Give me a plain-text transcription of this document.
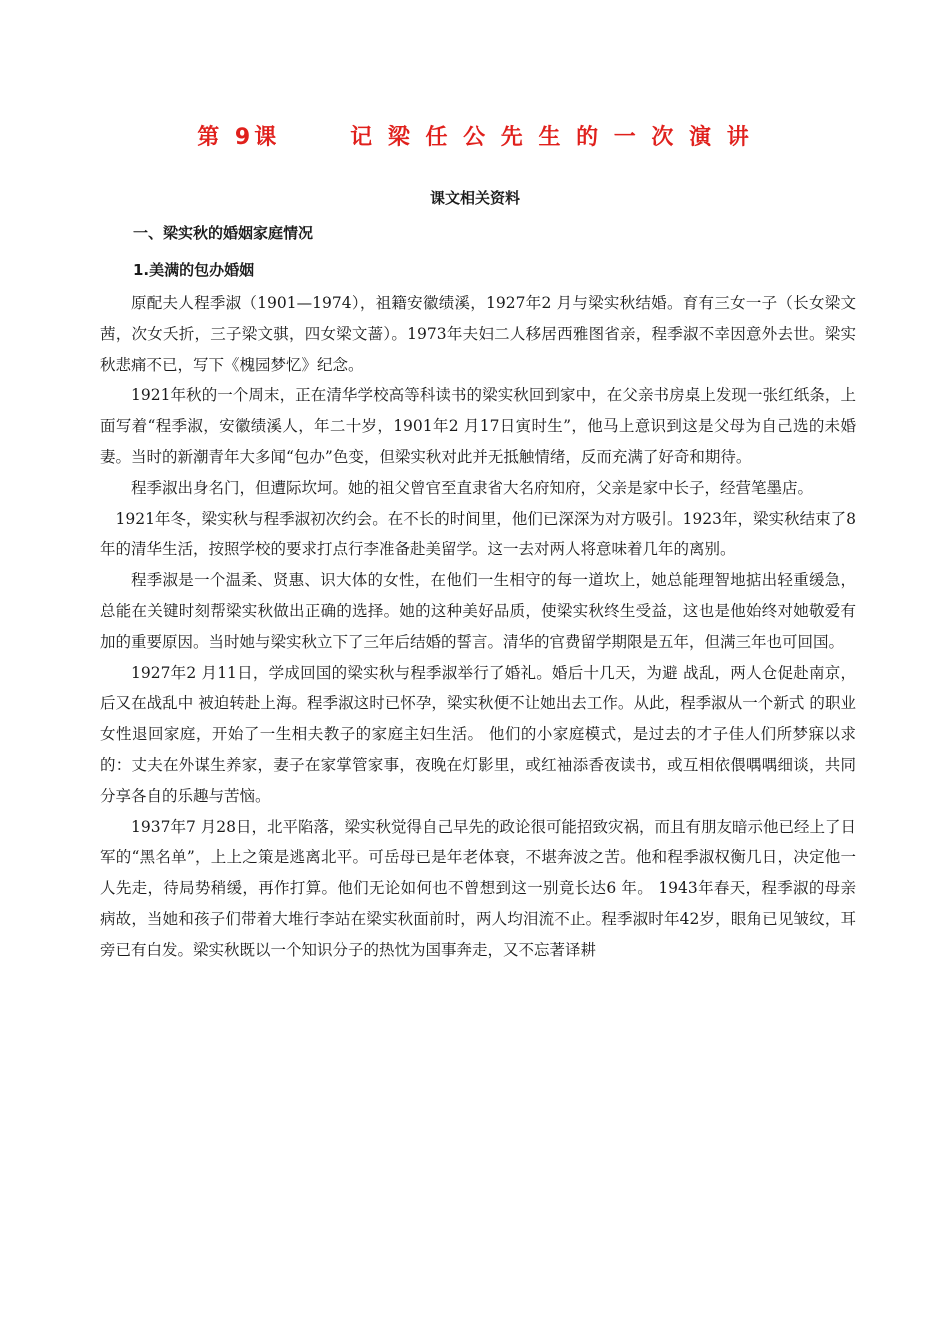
第 9课      记 梁 任 公 先 生 的 一 次 演 讲
课文相关资料
一、梁实秋的婚姻家庭情况
1.美满的包办婚姻

原配夫人程季淑（1901—1974），祖籍安徽绩溪，1927年2 月与梁实秋结婚。育有三女一子（长女梁文茜，次女夭折，三子梁文骐，四女梁文蔷）。1973年夫妇二人移居西雅图省亲，程季淑不幸因意外去世。梁实秋悲痛不已，写下《槐园梦忆》纪念。

1921年秋的一个周末，正在清华学校高等科读书的梁实秋回到家中，在父亲书房桌上发现一张红纸条，上面写着“程季淑，安徽绩溪人，年二十岁，1901年2 月17日寅时生”，他马上意识到这是父母为自己选的未婚妻。当时的新潮青年大多闻“包办”色变，但梁实秋对此并无抵触情绪，反而充满了好奇和期待。

程季淑出身名门，但遭际坎坷。她的祖父曾官至直隶省大名府知府，父亲是家中长子，经营笔墨店。

1921年冬，梁实秋与程季淑初次约会。在不长的时间里，他们已深深为对方吸引。1923年，梁实秋结束了8 年的清华生活，按照学校的要求打点行李准备赴美留学。这一去对两人将意味着几年的离别。

程季淑是一个温柔、贤惠、识大体的女性，在他们一生相守的每一道坎上，她总能理智地掂出轻重缓急，总能在关键时刻帮梁实秋做出正确的选择。她的这种美好品质，使梁实秋终生受益，这也是他始终对她敬爱有加的重要原因。当时她与梁实秋立下了三年后结婚的誓言。清华的官费留学期限是五年，但满三年也可回国。

1927年2 月11日，学成回国的梁实秋与程季淑举行了婚礼。婚后十几天，为避 战乱，两人仓促赴南京，后又在战乱中 被迫转赴上海。程季淑这时已怀孕，梁实秋便不让她出去工作。从此，程季淑从一个新式 的职业女性退回家庭，开始了一生相夫教子的家庭主妇生活。 他们的小家庭模式，是过去的才子佳人们所梦寐以求的：丈夫在外谋生养家，妻子在家掌管家事，夜晚在灯影里，或红袖添香夜读书，或互相依偎喁喁细谈，共同分享各自的乐趣与苦恼。

1937年7 月28日，北平陷落，梁实秋觉得自己早先的政论很可能招致灾祸，而且有朋友暗示他已经上了日军的“黑名单”，上上之策是逃离北平。可岳母已是年老体衰，不堪奔波之苦。他和程季淑权衡几日，决定他一人先走，待局势稍缓，再作打算。他们无论如何也不曾想到这一别竟长达6 年。 1943年春天，程季淑的母亲病故，当她和孩子们带着大堆行李站在梁实秋面前时，两人均泪流不止。程季淑时年42岁，眼角已见皱纹，耳旁已有白发。梁实秋既以一个知识分子的热忱为国事奔走，又不忘著译耕
